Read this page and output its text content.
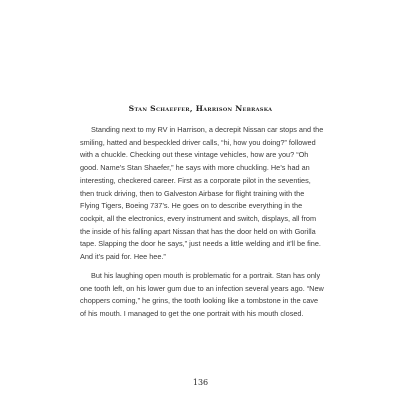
Stan Schaeffer, Harrison Nebraska

Standing next to my RV in Harrison, a decrepit Nissan car stops and the smiling, hatted and bespeckled driver calls, “hi, how you doing?” followed with a chuckle. Checking out these vintage vehicles, how are you? “Oh good. Name’s Stan Shaefer,” he says with more chuckling. He’s had an interesting, checkered career. First as a corporate pilot in the seventies, then truck driving, then to Galveston Airbase for flight training with the Flying Tigers, Boeing 737’s. He goes on to describe everything in the cockpit, all the electronics, every instrument and switch, displays, all from the inside of his falling apart Nissan that has the door held on with Gorilla tape. Slapping the door he says,” just needs a little welding and it’ll be fine. And it’s paid for. Hee hee.”

But his laughing open mouth is problematic for a portrait. Stan has only one tooth left, on his lower gum due to an infection several years ago. “New choppers coming,” he grins, the tooth looking like a tombstone in the cave of his mouth. I managed to get the one portrait with his mouth closed.

136
